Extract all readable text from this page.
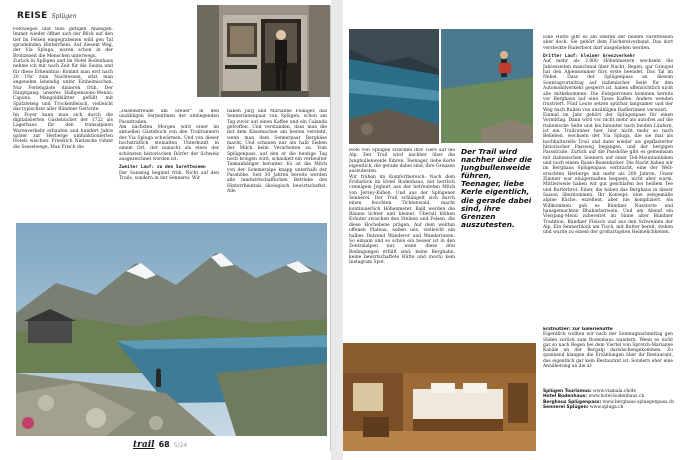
REISE Splügen

Fotowegen und teils giftigen Anzeigen. Immer wieder öffnet sich der Blick auf den tief im Felsen eingegrabenen wild gen Tal sprudelnden Hinterrhein. Auf diesem Weg, der Via Spluga, waren schon in der Bronzezeit die Menschen unterwegs.

Zurück in Splügen und im Hotel Bodenhaus nehme ich mir noch Zeit für die Sauna und für diese Erkenntnis: Kommt man erst nach 20 Uhr zum Nachtessen, sitzt man angenehm lebendig unter Einheimischen. Nur Feriengäste dinieren früh. Der Hauptgang: unseres Halbpensions-Menüs: Capuns. Mangoldblätter gefüllt mit Spätzleteig und Trockenfleisch, vielleicht das typischste aller Bündner Gerichte.

Im Foyer kann man sich durch die digitalisierten Gästebücher der 1722 als Lagerhaus für den transalpinen Warenverkehr erbauten und hundert Jahre später zur Herberge umfunktionierten Hotels wischen. Friedrich Nietzsche rühmt die Sesselwege, Max Frisch die

„Daseinsfreude am Steuer" in den unzähligen Serpentinen der umliegenden Passstraßen.

Am nächsten Morgen wird einer im aktuellen Gästebuch von den Trailrunnern der Via Spluga schwärmen. Und von dieser hochsträflich steinalten Unterkunft in einem Ort, der nunacht als eines der schönsten historischen Dörfer der Schweiz ausgezeichnet worden ist.

Zweiter Lauf: zu den Suretteseen

Der Samstag beginnt früh. Nicht auf den Trails, sondern in der Sennerei. Wir

haben Jürg und Marianne Flükiger, das Sennerinnenpaar von Splügen, schon am Tag zuvor auf einen Kaffee und ein Calanda getroffen. Und verstanden, dass man die mit dem Käsemachen am besten versteht, wenn man dem Sennerpaar Bergkäse macht. Und schauen nur am halb Sieben der Milch beim Verarbeiten zu. Vom Splügenpass, auf den er die heutige Tag noch bringen wird, schaukelt ein verbeulter Tankanhänger herunter. Es ist die Milch von der Sommeralpe knapp unterhalb der Passhöhe. Seit 30 Jahren bereits werden alle landwirtschaftlichen Betriebe des Hinterrheintals ökologisch bewirtschaftet. Alle

trail 68 5/24

Höfe von Splügen schicken ihre Tiere auf die Alp. Der Trail wird nachher über die Jungbullenweide führen, Teenager, liebe Kerle eigentlich, die gerade dabei sind, ihre Grenzen auszutesten.

Wir frühen im Komfortbereich: Nach dem Frühstück im Hotel Bodenhaus, mit herrlich cremigem Joghurt aus der betreuteten Milch von Jersey-Kühen. Und aus der Splügener Sennerei. Der Trail schlängelt sich durch einen feuchten Tichtenwald, macht kontinuierlich Höhenmeter. Bald werden die Bäume lichter und kleiner. Überall blühen Kräuter zwischen den Steinen und Felsen, die diese Hochebene prägen. Auf dem weithin offenen Plateau, neben uns, vielleicht ein halbes Dutzend Wanderer und Wanderinnen. So einsam und so schön ein besser ist in den Zentralalpen nur, wenn diese drei Bedingungen erfüllt sind: keine Bergbahn, keine bewirtschaftete Hütte und (noch) kein Instagram Spot.

Der Trail wird nachher über die Jungbullenweide führen, Teenager, liebe Kerle eigentlich, die gerade dabei sind, ihre Grenzen auszutesten.

Eine Hütte gibt es am oberen der beiden Suretteseen aber doch. Sie gehört dem Fischereiverband. Das dort versteckte Ruderboot darf ausgeliehen werden.

Dritter Lauf: kleiner Grenzverkehr

Auf mehr als 2.000 Höhenmetern wechseln die Jahreszeiten manchmal über Nacht. Regen, gar Graupel hat den Alpensommer fürs erste beendet. Das Tal im Nebel. Dass der Splügenpass an diesem Sonntagvormittag auf italienischer Seite für den Automobilverkehr gesperrt ist, haben offensichtlich nicht alle mitbekommen. Die Entsperrenen kommen bereits vor Berghaus auf eine Tasse Kaffee. Andere wenden frustriert. Fünf Leute setzen spürbar langsamer und der Weg nach Italien von unzähligen Radlerinnen verwaist.

Einmal im Jahr gehört der Splügenpass für einen Vormittag. Dann wird vor nicht mehr als autofrei auf die italienische Seite und bis hinunter nach beiden Läufern, ist ein Trailrunner hier, hier nicht mehr so nach Belieben, wechseln der Via Spluga, die sie mal als hochkulturelle Trail und dann wieder als gepflasterter historischer Passweg begangen, und der bergigen Passstraße. Zurück auf die Passhöhe gibt es gemeinsam mit italienischen Sennern auf einer Teil-Mountainbiken und noch einem Rasso-Bonenkicker. Die Nacht haben wir im Berghaus Splügenpass verbracht, eine der Welt-ersichten Herberge mit mehr als 200 Jahren. Unser Zimmer war einigermaßen bequem, nicht aber warm. Mittlerweile haben wir gut geschlafen bei heißem Tee und Butterbrot. Einer, die haben das Berghaus in dieser Saison übernommen. Ihr Konzept: eine zeitgemäße alpine Küche, exzellent, aber nie kompliziert. Als Willkommen gab es Bündner Nusstorte und hausgemachten Rhabarberwein. Und am Abend ein Viergang-Menü zubereitet im Sinne alter Bündner Tradition. Bündner Fleisch und aus den Schweinen der Alp. Ein Sennerblock am Tisch, mit Butter bereit, stehen und wurde zu einem der großartigsten Heimelichkeiten.

Erstnutzer: zur Galeriehütte

Eigentlich wollten wir nach der Sonntagnachmittag gen Süden zurück zum Bodenhaus wandern. Wenn es nicht gar so nach Regen bei dem Viertel von Sprotch-Marianne Kanäle an der Bergalp dazwischengekommen. Zu spannend klangen die Erzählungen über ihr Restaurant, das eigentlich gar kein Restaurant ist. Sondern eher eine Annäherung an die al-

Splügen Tourismus: www.viamala.ch/de
Hotel Bodenhaus: www.hotel-bodenhaus.ch
Berghaus Splügenpass: www.berghaus-spluegenpass.ch
Sennerei Splügen: www.spluga.ch
